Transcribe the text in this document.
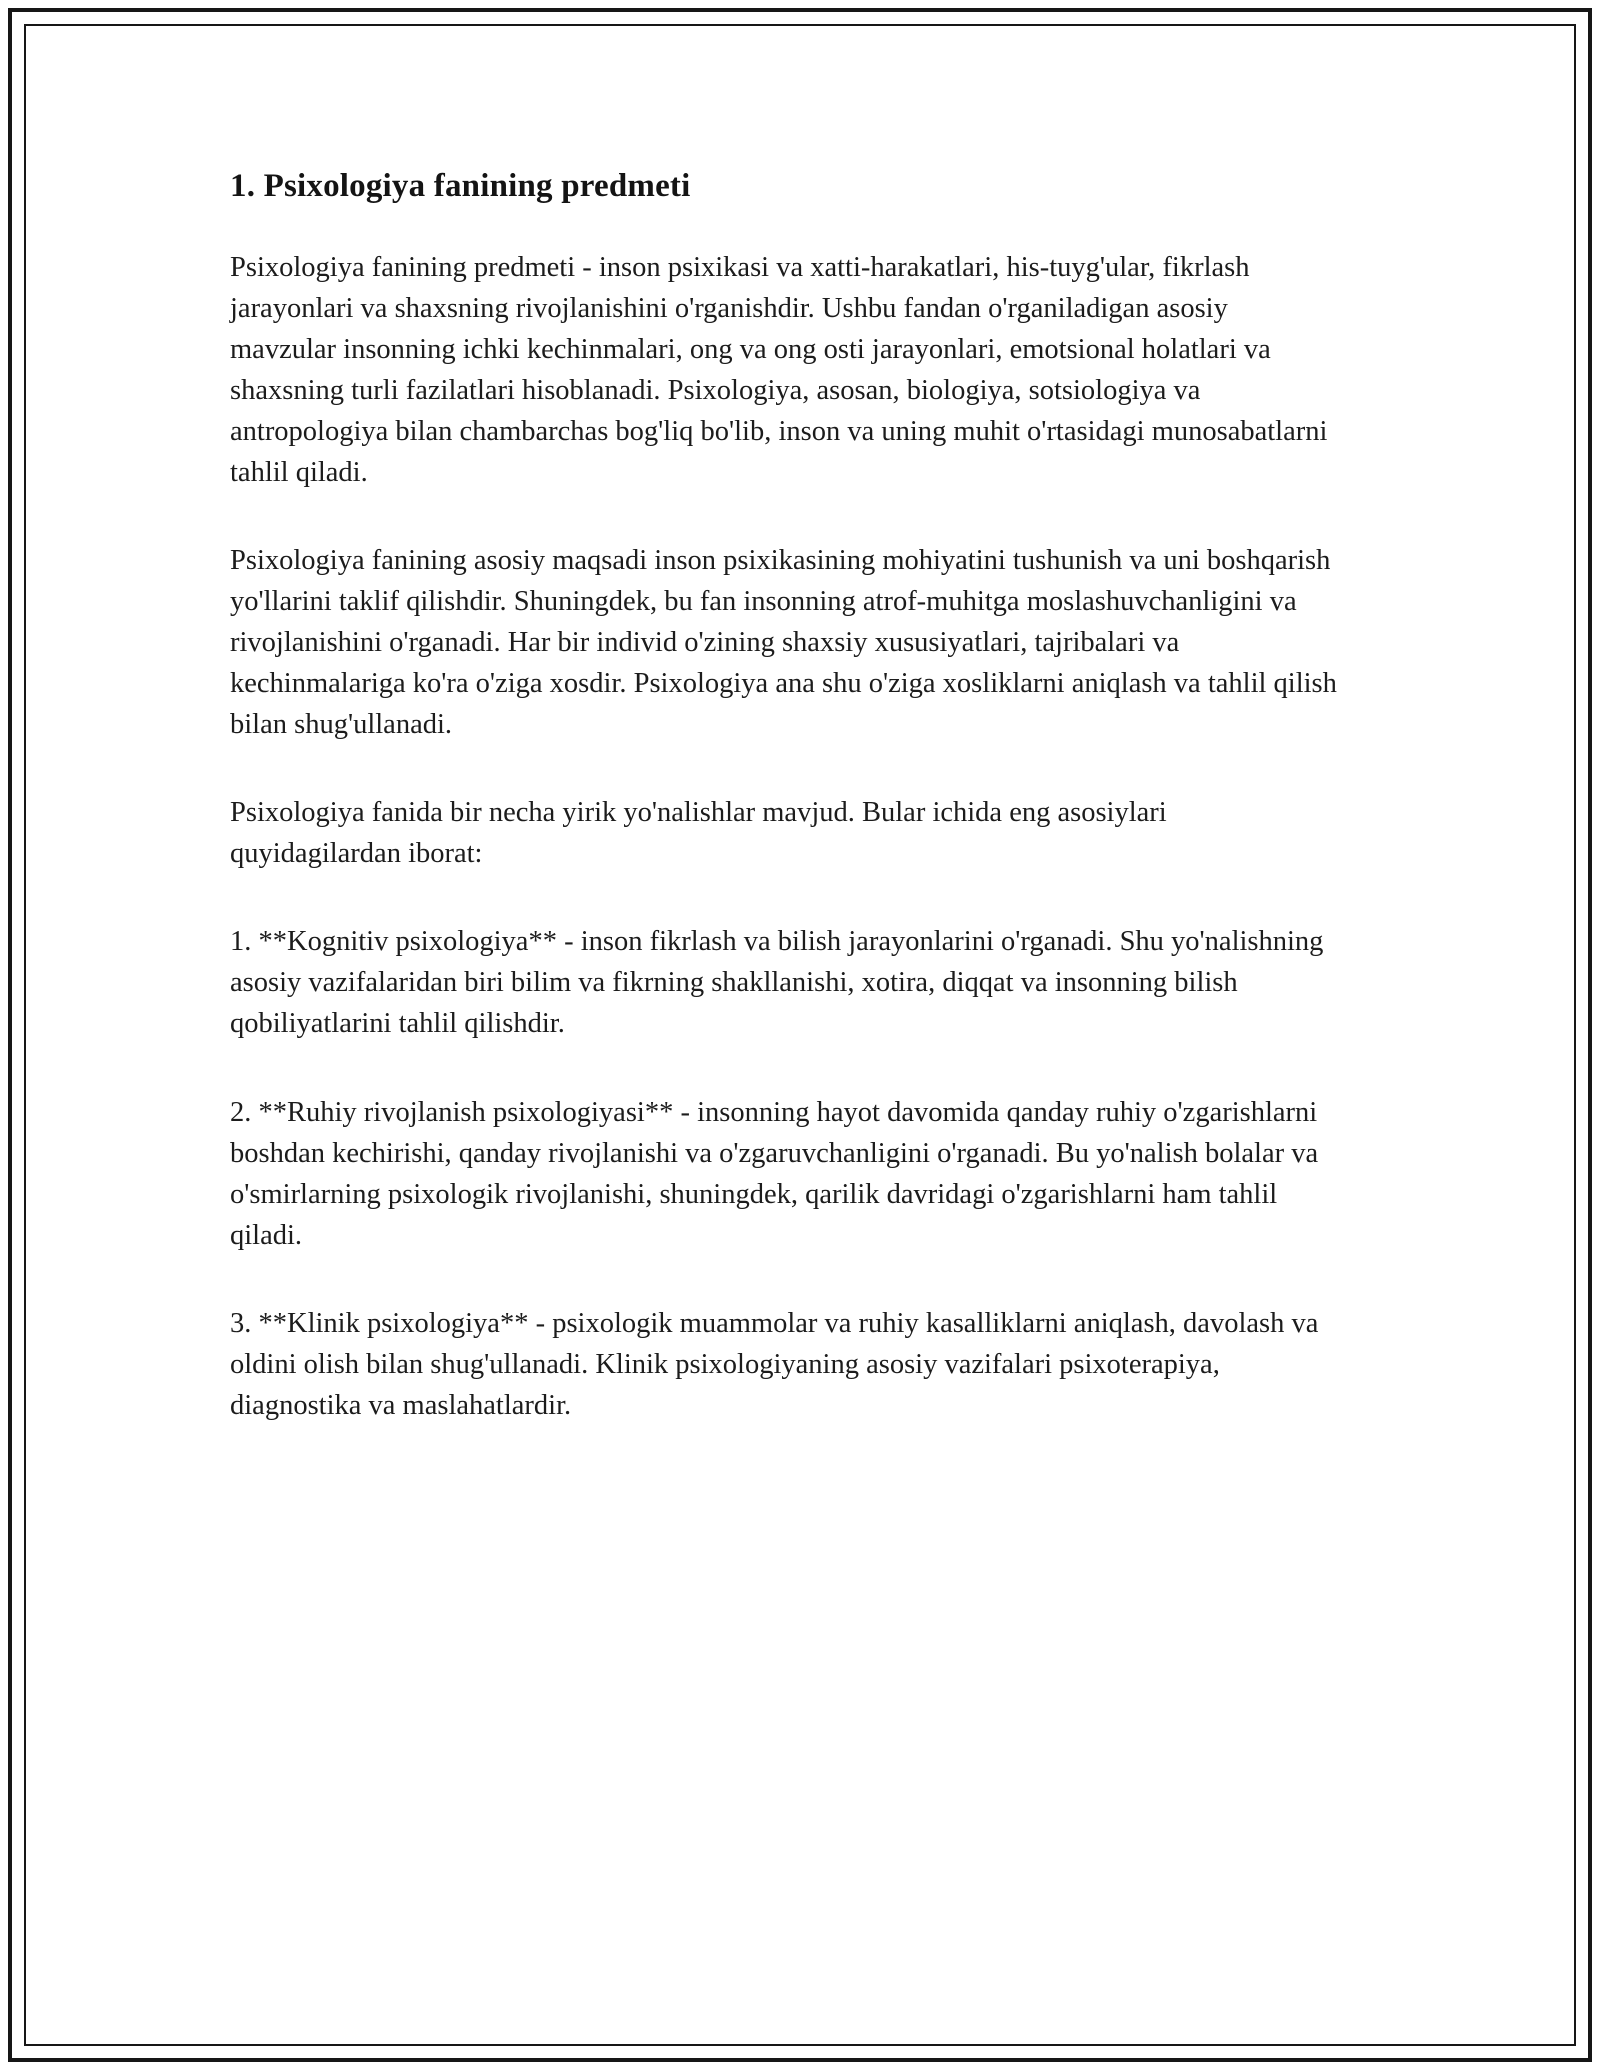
1. Psixologiya fanining predmeti

Psixologiya fanining predmeti - inson psixikasi va xatti-harakatlari, his-tuyg'ular, fikrlash jarayonlari va shaxsning rivojlanishini o'rganishdir. Ushbu fandan o'rganiladigan asosiy mavzular insonning ichki kechinmalari, ong va ong osti jarayonlari, emotsional holatlari va shaxsning turli fazilatlari hisoblanadi. Psixologiya, asosan, biologiya, sotsiologiya va antropologiya bilan chambarchas bog'liq bo'lib, inson va uning muhit o'rtasidagi munosabatlarni tahlil qiladi.

Psixologiya fanining asosiy maqsadi inson psixikasining mohiyatini tushunish va uni boshqarish yo'llarini taklif qilishdir. Shuningdek, bu fan insonning atrof-muhitga moslashuvchanligini va rivojlanishini o'rganadi. Har bir individ o'zining shaxsiy xususiyatlari, tajribalari va kechinmalariga ko'ra o'ziga xosdir. Psixologiya ana shu o'ziga xosliklarni aniqlash va tahlil qilish bilan shug'ullanadi.

Psixologiya fanida bir necha yirik yo'nalishlar mavjud. Bular ichida eng asosiylari quyidagilardan iborat:

1. **Kognitiv psixologiya** - inson fikrlash va bilish jarayonlarini o'rganadi. Shu yo'nalishning asosiy vazifalaridan biri bilim va fikrning shakllanishi, xotira, diqqat va insonning bilish qobiliyatlarini tahlil qilishdir.

2. **Ruhiy rivojlanish psixologiyasi** - insonning hayot davomida qanday ruhiy o'zgarishlarni boshdan kechirishi, qanday rivojlanishi va o'zgaruvchanligini o'rganadi. Bu yo'nalish bolalar va o'smirlarning psixologik rivojlanishi, shuningdek, qarilik davridagi o'zgarishlarni ham tahlil qiladi.

3. **Klinik psixologiya** - psixologik muammolar va ruhiy kasalliklarni aniqlash, davolash va oldini olish bilan shug'ullanadi. Klinik psixologiyaning asosiy vazifalari psixoterapiya, diagnostika va maslahatlardir.
